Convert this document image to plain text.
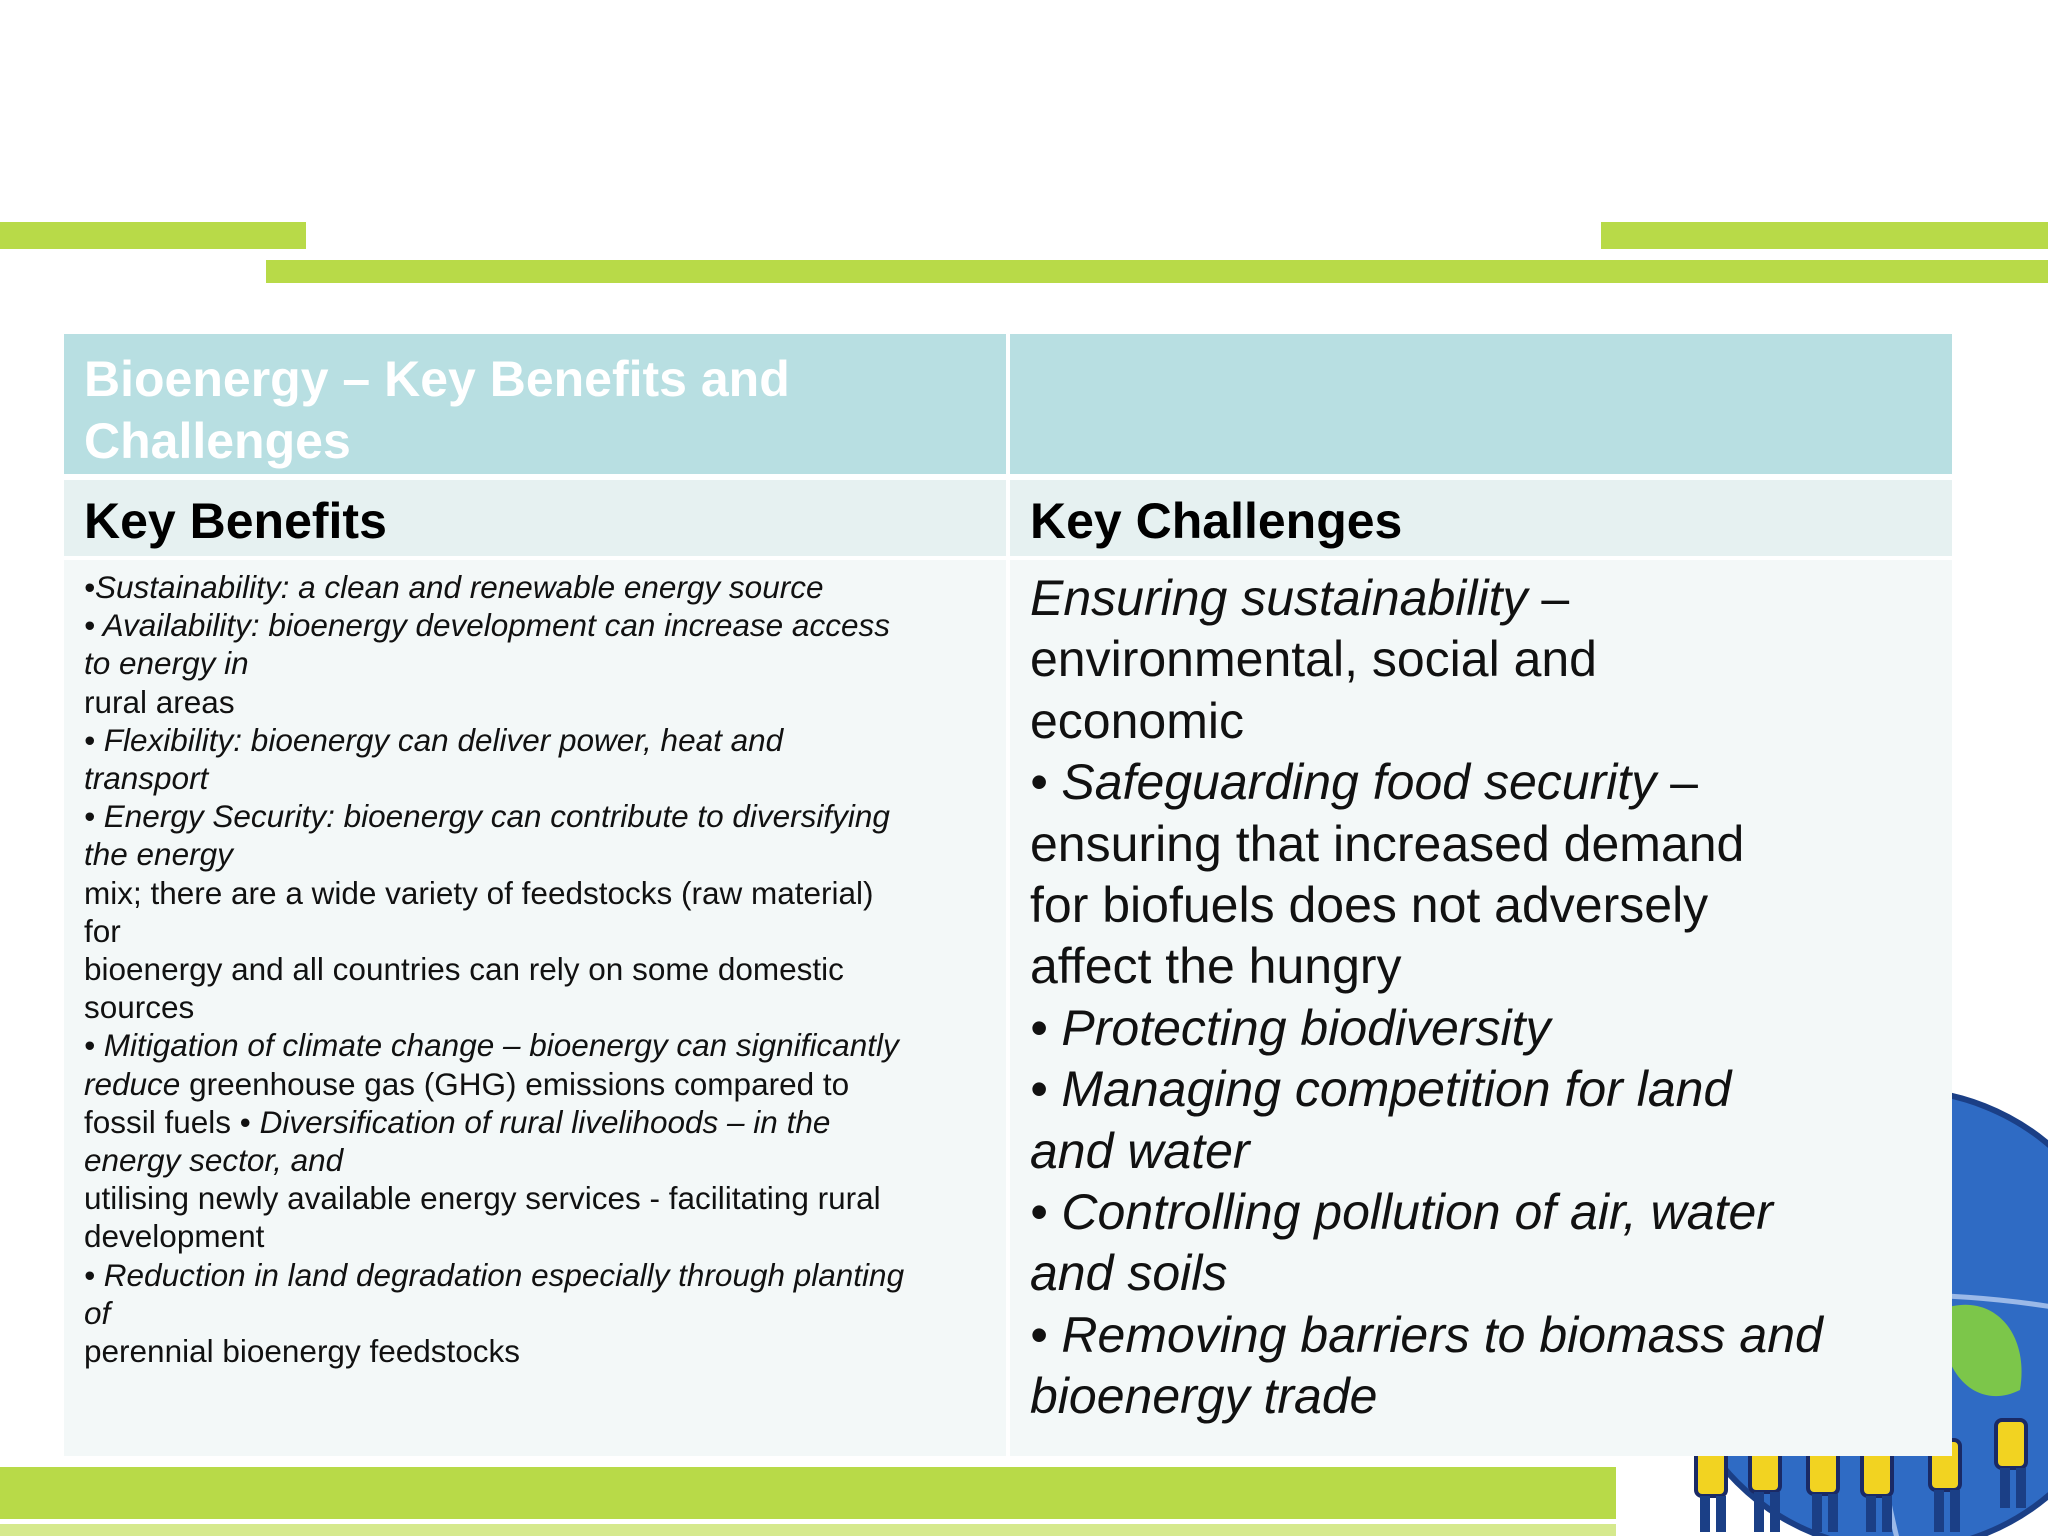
Bioenergy – Key Benefits and Challenges
Key Benefits	Key Challenges
•Sustainability: a clean and renewable energy source
• Availability: bioenergy development can increase access
to energy in
rural areas
• Flexibility: bioenergy can deliver power, heat and
transport
• Energy Security: bioenergy can contribute to diversifying
the energy
mix; there are a wide variety of feedstocks (raw material)
for
bioenergy and all countries can rely on some domestic
sources
• Mitigation of climate change – bioenergy can significantly
reduce greenhouse gas (GHG) emissions compared to
fossil fuels • Diversification of rural livelihoods – in the
energy sector, and
utilising newly available energy services - facilitating rural
development
• Reduction in land degradation especially through planting
of
perennial bioenergy feedstocks
Ensuring sustainability –
environmental, social and
economic
• Safeguarding food security –
ensuring that increased demand
for biofuels does not adversely
affect the hungry
• Protecting biodiversity
• Managing competition for land
and water
• Controlling pollution of air, water
and soils
• Removing barriers to biomass and
bioenergy trade
